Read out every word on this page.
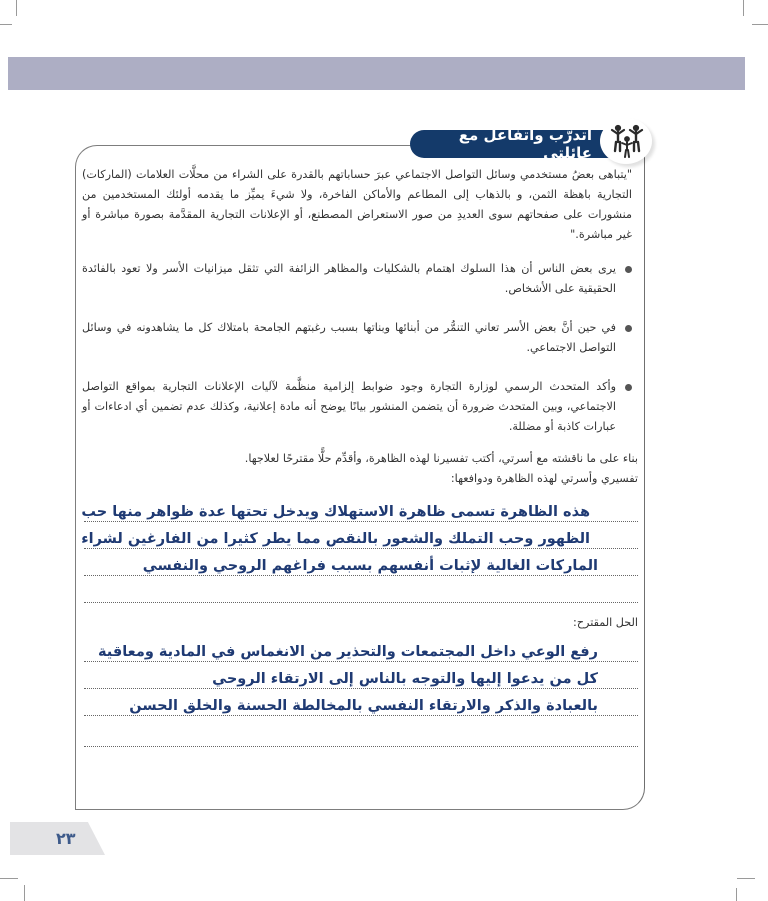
أتدرَّب وأتفاعل مع عائلتي

"يتباهى بعضُ مستخدمي وسائل التواصل الاجتماعي عبرَ حساباتهم بالقدرة على الشراء من محلَّات العلامات (الماركات) التجارية باهظة الثمن، و بالذهاب إلى المطاعم والأماكن الفاخرة، ولا شيءَ يميِّز ما يقدمه أولئك المستخدمين من منشورات على صفحاتهم سوى العديدِ من صور الاستعراض المصطنع، أو الإعلانات التجارية المقدَّمة بصورة مباشرة أو غير مباشرة."

يرى بعض الناس أن هذا السلوك اهتمام بالشكليات والمظاهر الزائفة التي تثقل ميزانيات الأسر ولا تعود بالفائدة الحقيقية على الأشخاص.
في حين أنَّ بعض الأسر تعاني التنمُّر من أبنائها وبناتها بسبب رغبتهم الجامحة بامتلاك كل ما يشاهدونه في وسائل التواصل الاجتماعي.
وأكد المتحدث الرسمي لوزارة التجارة وجود ضوابط إلزامية منظَّمة لآليات الإعلانات التجارية بمواقع التواصل الاجتماعي، وبين المتحدث ضرورة أن يتضمن المنشور بيانًا يوضح أنه مادة إعلانية، وكذلك عدم تضمين أي ادعاءات أو عبارات كاذبة أو مضللة.

بناء على ما ناقشته مع أسرتي، أكتب تفسيرنا لهذه الظاهرة، وأقدِّم حلًّا مقترحًا لعلاجها.

تفسيري وأسرتي لهذه الظاهرة ودوافعها:

هذه الظاهرة تسمى ظاهرة الاستهلاك ويدخل تحتها عدة ظواهر منها حب
الظهور وحب التملك والشعور بالنقص مما يطر كثيرا من الفارغين لشراء
الماركات الغالية لإثبات أنفسهم بسبب فراغهم الروحي والنفسي

الحل المقترح:

رفع الوعي داخل المجتمعات والتحذير من الانغماس في المادية ومعاقية
كل من يدعوا إليها والتوجه بالناس إلى الارتقاء الروحي
بالعبادة والذكر والارتقاء النفسي بالمخالطة الحسنة والخلق الحسن
٢٣
